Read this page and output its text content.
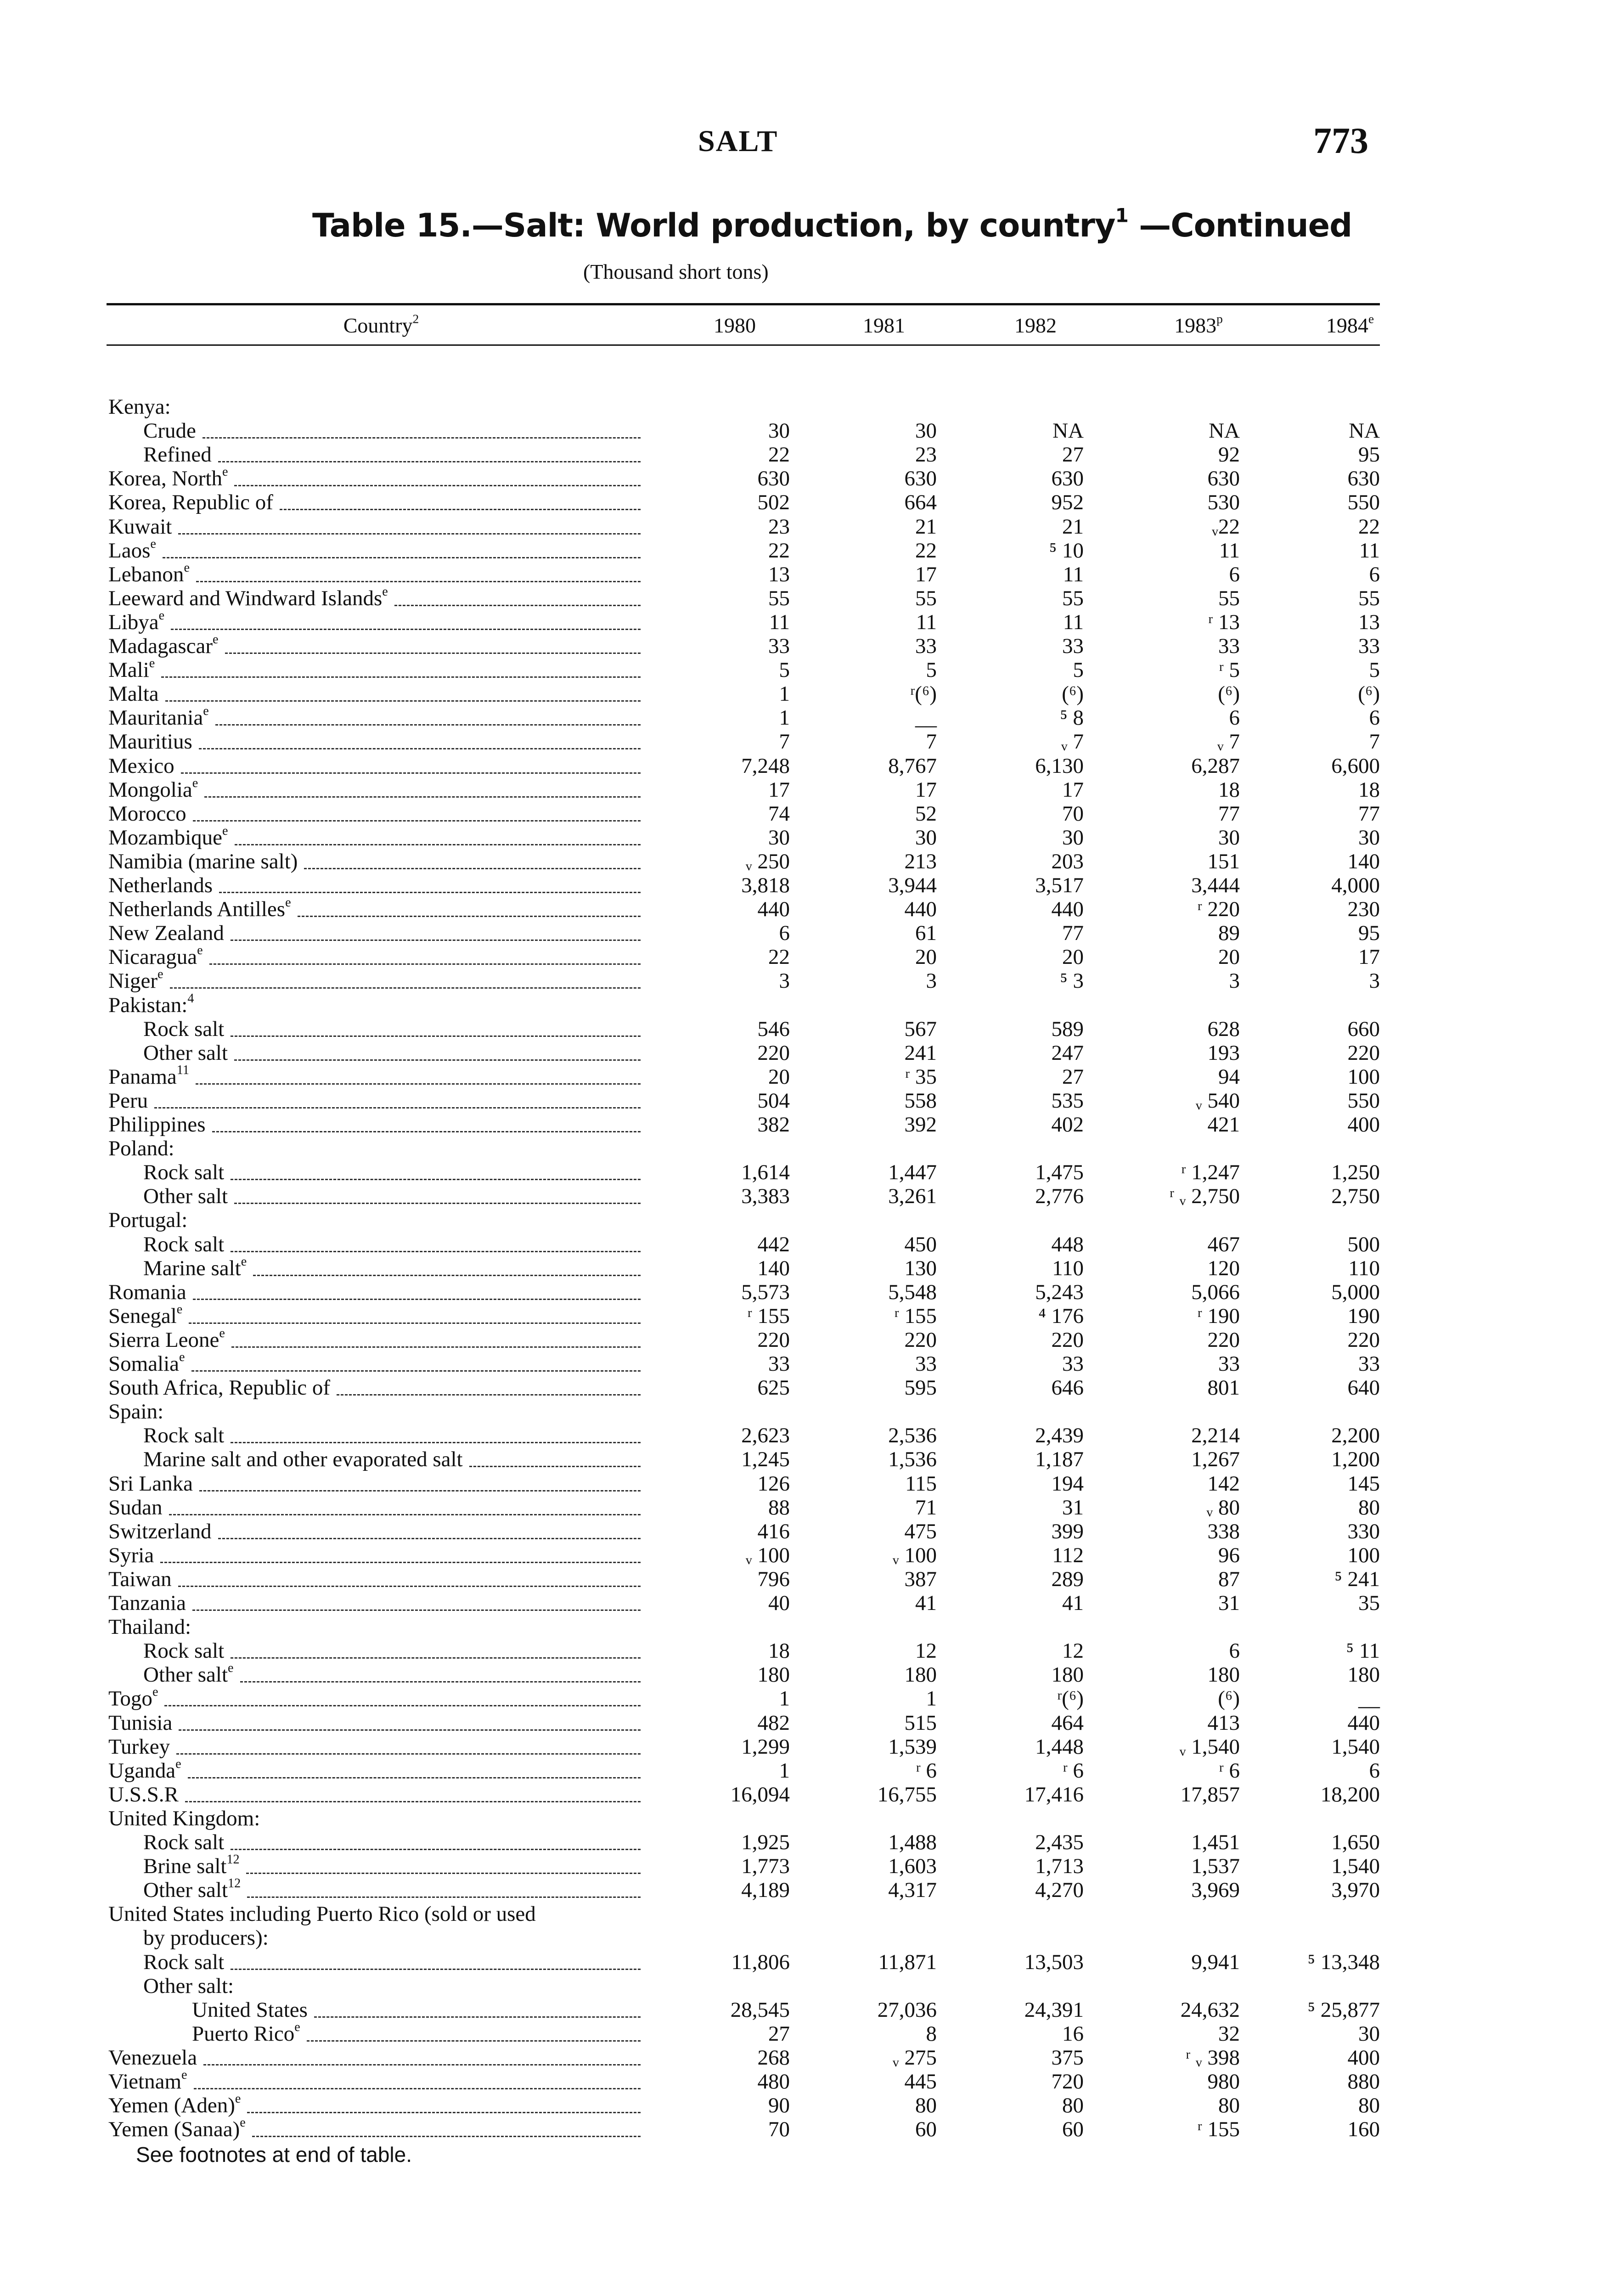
SALT	773
Table 15.—Salt: World production, by country$^1$ —Continued
(Thousand short tons)
Country$^2$	1980	1981	1982	1983$^p$	1984e
Kenya:
Crude	30	30	NA	NA	NA
Refined	22	23	27	92	95
Korea, North$^e$	630	630	630	630	630
Korea, Republic of	502	664	952	530	550
Kuwait	23	21	21	ᵥ22	22
Laos$^e$	22	22	⁵ 10	11	11
Lebanon$^e$	13	17	11	6	6
Leeward and Windward Islands$^e$	55	55	55	55	55
Libya$^e$	11	11	11	ʳ 13	13
Madagascar$^e$	33	33	33	33	33
Mali$^e$	5	5	5	ʳ 5	5
Malta	1	ʳ(⁶)	(⁶)	(⁶)	(⁶)
Mauritania$^e$	1	__	⁵ 8	6	6
Mauritius	7	7	ᵥ 7	ᵥ 7	7
Mexico	7,248	8,767	6,130	6,287	6,600
Mongolia$^e$	17	17	17	18	18
Morocco	74	52	70	77	77
Mozambique$^e$	30	30	30	30	30
Namibia (marine salt)	ᵥ 250	213	203	151	140
Netherlands	3,818	3,944	3,517	3,444	4,000
Netherlands Antilles$^e$	440	440	440	ʳ 220	230
New Zealand	6	61	77	89	95
Nicaragua$^e$	22	20	20	20	17
Niger$^e$	3	3	⁵ 3	3	3
Pakistan:$^4$
Rock salt	546	567	589	628	660
Other salt	220	241	247	193	220
Panama$^{11}$	20	ʳ 35	27	94	100
Peru	504	558	535	ᵥ 540	550
Philippines	382	392	402	421	400
Poland:
Rock salt	1,614	1,447	1,475	ʳ 1,247	1,250
Other salt	3,383	3,261	2,776	ʳ ᵥ 2,750	2,750
Portugal:
Rock salt	442	450	448	467	500
Marine salt$^e$	140	130	110	120	110
Romania	5,573	5,548	5,243	5,066	5,000
Senegal$^e$	ʳ 155	ʳ 155	⁴ 176	ʳ 190	190
Sierra Leone$^e$	220	220	220	220	220
Somalia$^e$	33	33	33	33	33
South Africa, Republic of	625	595	646	801	640
Spain:
Rock salt	2,623	2,536	2,439	2,214	2,200
Marine salt and other evaporated salt	1,245	1,536	1,187	1,267	1,200
Sri Lanka	126	115	194	142	145
Sudan	88	71	31	ᵥ 80	80
Switzerland	416	475	399	338	330
Syria	ᵥ 100	ᵥ 100	112	96	100
Taiwan	796	387	289	87	⁵ 241
Tanzania	40	41	41	31	35
Thailand:
Rock salt	18	12	12	6	⁵ 11
Other salt$^e$	180	180	180	180	180
Togo$^e$	1	1	ʳ(⁶)	(⁶)	__
Tunisia	482	515	464	413	440
Turkey	1,299	1,539	1,448	ᵥ 1,540	1,540
Uganda$^e$	1	ʳ 6	ʳ 6	ʳ 6	6
U.S.S.R	16,094	16,755	17,416	17,857	18,200
United Kingdom:
Rock salt	1,925	1,488	2,435	1,451	1,650
Brine salt$^{12}$	1,773	1,603	1,713	1,537	1,540
Other salt$^{12}$	4,189	4,317	4,270	3,969	3,970
United States including Puerto Rico (sold or used
by producers):
Rock salt	11,806	11,871	13,503	9,941	⁵ 13,348
Other salt:
United States	28,545	27,036	24,391	24,632	⁵ 25,877
Puerto Rico$^e$	27	8	16	32	30
Venezuela	268	ᵥ 275	375	ʳ ᵥ 398	400
Vietnam$^e$	480	445	720	980	880
Yemen (Aden)$^e$	90	80	80	80	80
Yemen (Sanaa)$^e$	70	60	60	ʳ 155	160
See footnotes at end of table.
